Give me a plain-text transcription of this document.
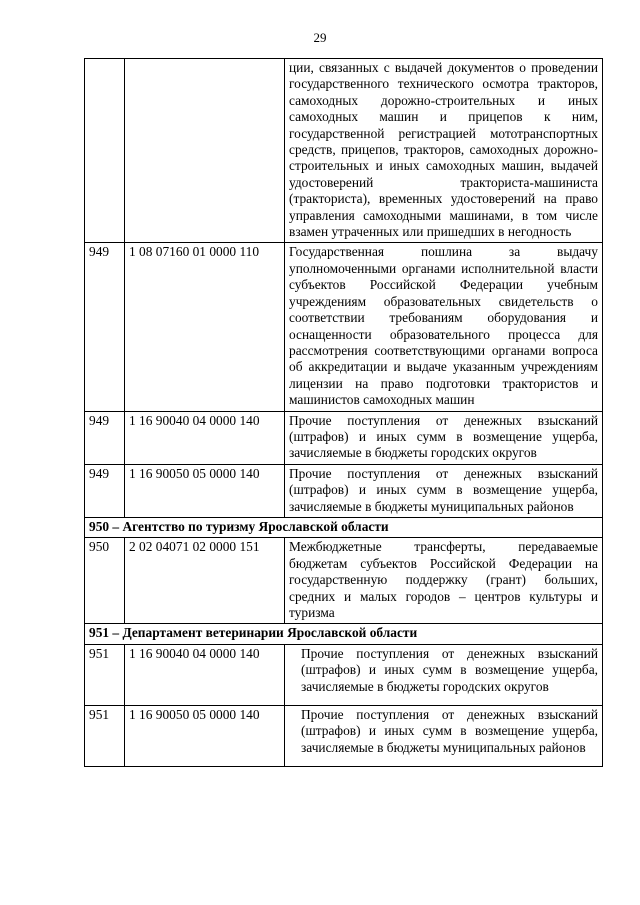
29
		ции, связанных с выдачей документов о проведении государственного технического осмотра тракторов, самоходных дорожно-строительных и иных самоходных машин и прицепов к ним, государственной регистрацией мототранспортных средств, прицепов, тракторов, самоходных дорожно-строительных и иных самоходных машин, выдачей удостоверений тракториста-машиниста (тракториста), временных удостоверений на право управления самоходными машинами, в том числе взамен утраченных или пришедших в негодность
949	1 08 07160 01 0000 110	Государственная пошлина за выдачу уполномоченными органами исполнительной власти субъектов Российской Федерации учебным учреждениям образовательных свидетельств о соответствии требованиям оборудования и оснащенности образовательного процесса для рассмотрения соответствующими органами вопроса об аккредитации и выдаче указанным учреждениям лицензии на право подготовки трактористов и машинистов самоходных машин
949	1 16 90040 04 0000 140	Прочие поступления от денежных взысканий (штрафов) и иных сумм в возмещение ущерба, зачисляемые в бюджеты городских округов
949	1 16 90050 05 0000 140	Прочие поступления от денежных взысканий (штрафов) и иных сумм в возмещение ущерба, зачисляемые в бюджеты муниципальных районов
950 – Агентство по туризму Ярославской области		
950	2 02 04071 02 0000 151	Межбюджетные трансферты, передаваемые бюджетам субъектов Российской Федерации на государственную поддержку (грант) больших, средних и малых городов – центров культуры и туризма
951 – Департамент ветеринарии Ярославской области		
951	1 16 90040 04 0000 140	Прочие поступления от денежных взысканий (штрафов) и иных сумм в возмещение ущерба, зачисляемые в бюджеты городских округов
951	1 16 90050 05 0000 140	Прочие поступления от денежных взысканий (штрафов) и иных сумм в возмещение ущерба, зачисляемые в бюджеты муниципальных районов
